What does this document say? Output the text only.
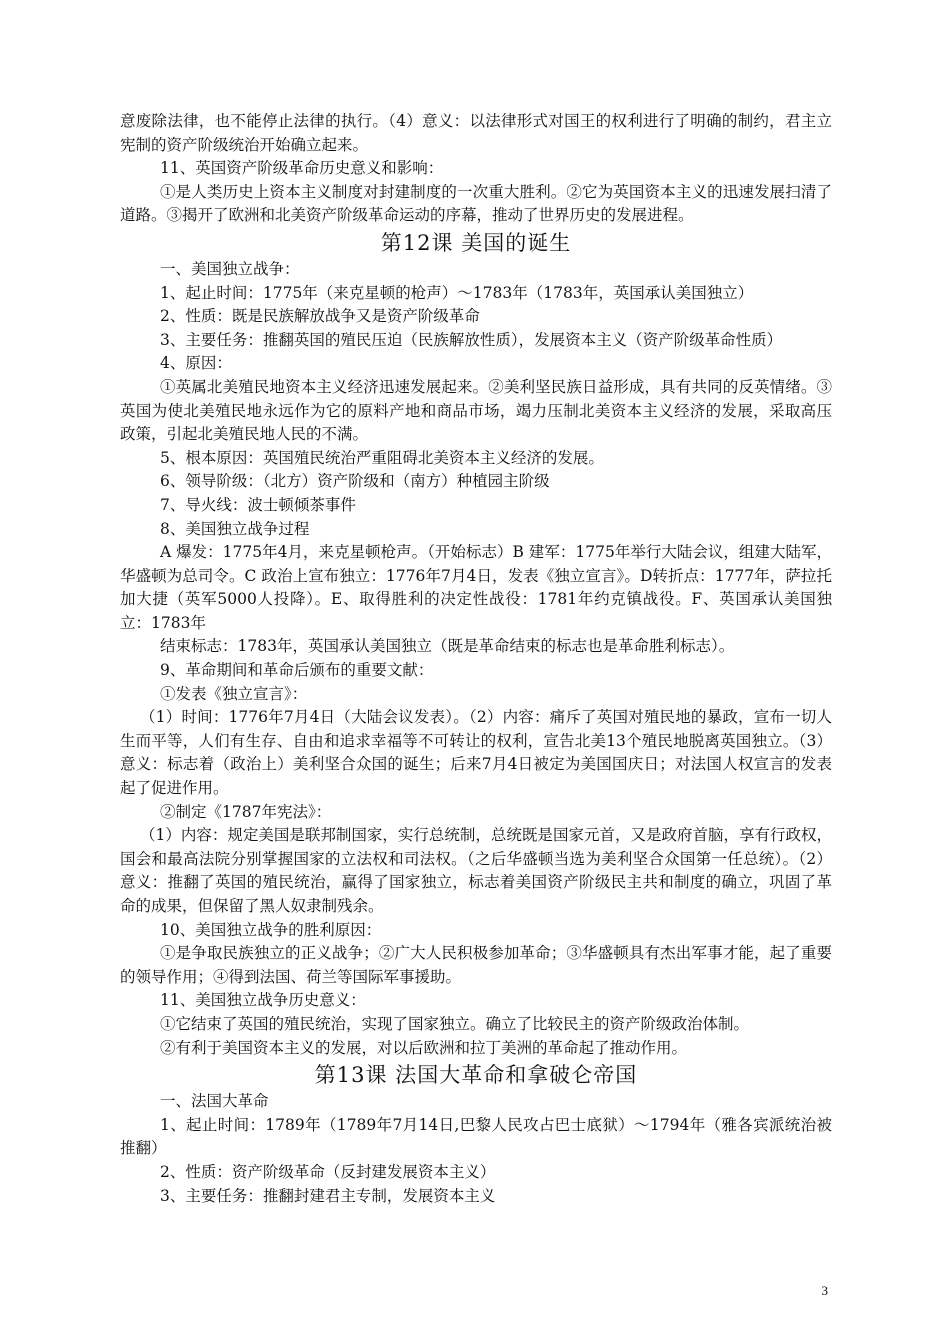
意废除法律，也不能停止法律的执行。（4）意义：以法律形式对国王的权利进行了明确的制约，君主立宪制的资产阶级统治开始确立起来。

11、英国资产阶级革命历史意义和影响：

①是人类历史上资本主义制度对封建制度的一次重大胜利。②它为英国资本主义的迅速发展扫清了道路。③揭开了欧洲和北美资产阶级革命运动的序幕，推动了世界历史的发展进程。

第12课 美国的诞生

一、美国独立战争：

1、起止时间：1775年（来克星顿的枪声）～1783年（1783年，英国承认美国独立）

2、性质：既是民族解放战争又是资产阶级革命

3、主要任务：推翻英国的殖民压迫（民族解放性质），发展资本主义（资产阶级革命性质）

4、原因：

①英属北美殖民地资本主义经济迅速发展起来。②美利坚民族日益形成，具有共同的反英情绪。③英国为使北美殖民地永远作为它的原料产地和商品市场，竭力压制北美资本主义经济的发展，采取高压政策，引起北美殖民地人民的不满。

5、根本原因：英国殖民统治严重阻碍北美资本主义经济的发展。

6、领导阶级：（北方）资产阶级和（南方）种植园主阶级

7、导火线：波士顿倾茶事件

8、美国独立战争过程

A 爆发：1775年4月，来克星顿枪声。（开始标志）B 建军：1775年举行大陆会议，组建大陆军，华盛顿为总司令。C 政治上宣布独立：1776年7月4日，发表《独立宣言》。D转折点：1777年，萨拉托加大捷（英军5000人投降）。E、取得胜利的决定性战役：1781年约克镇战役。F、英国承认美国独立：1783年

结束标志：1783年，英国承认美国独立（既是革命结束的标志也是革命胜利标志）。

9、革命期间和革命后颁布的重要文献：

①发表《独立宣言》：

（1）时间：1776年7月4日（大陆会议发表）。（2）内容：痛斥了英国对殖民地的暴政，宣布一切人生而平等，人们有生存、自由和追求幸福等不可转让的权利，宣告北美13个殖民地脱离英国独立。（3）意义：标志着（政治上）美利坚合众国的诞生；后来7月4日被定为美国国庆日；对法国人权宣言的发表起了促进作用。

②制定《1787年宪法》：

（1）内容：规定美国是联邦制国家，实行总统制，总统既是国家元首，又是政府首脑，享有行政权，国会和最高法院分别掌握国家的立法权和司法权。（之后华盛顿当选为美利坚合众国第一任总统）。（2）意义：推翻了英国的殖民统治，赢得了国家独立，标志着美国资产阶级民主共和制度的确立，巩固了革命的成果，但保留了黑人奴隶制残余。

10、美国独立战争的胜利原因：

①是争取民族独立的正义战争；②广大人民积极参加革命；③华盛顿具有杰出军事才能，起了重要的领导作用；④得到法国、荷兰等国际军事援助。

11、美国独立战争历史意义：

①它结束了英国的殖民统治，实现了国家独立。确立了比较民主的资产阶级政治体制。

②有利于美国资本主义的发展，对以后欧洲和拉丁美洲的革命起了推动作用。

第13课 法国大革命和拿破仑帝国

一、法国大革命

1、起止时间：1789年（1789年7月14日,巴黎人民攻占巴士底狱）～1794年（雅各宾派统治被推翻）

2、性质：资产阶级革命（反封建发展资本主义）

3、主要任务：推翻封建君主专制，发展资本主义

3
